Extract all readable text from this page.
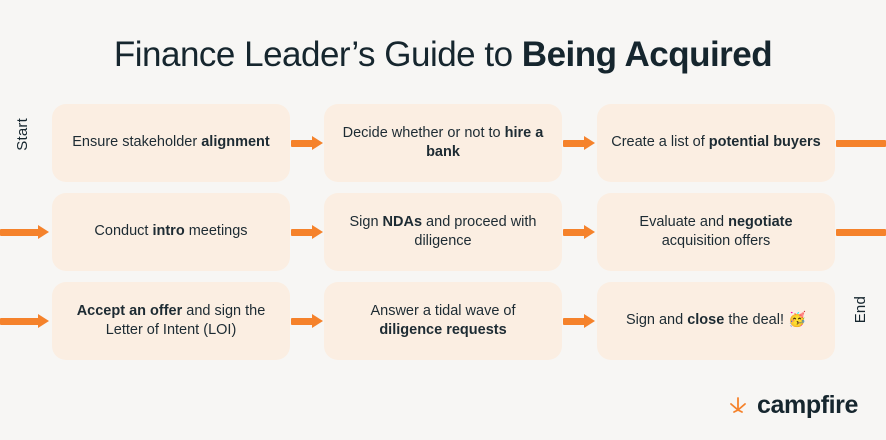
Finance Leader’s Guide to Being Acquired
Ensure stakeholder alignment
Decide whether or not to hire a bank
Create a list of potential buyers
Conduct intro meetings
Sign NDAs and proceed with diligence
Evaluate and negotiate acquisition offers
Accept an offer and sign the Letter of Intent (LOI)
Answer a tidal wave of diligence requests
Sign and close the deal! 🥳
Start
End
campfire
